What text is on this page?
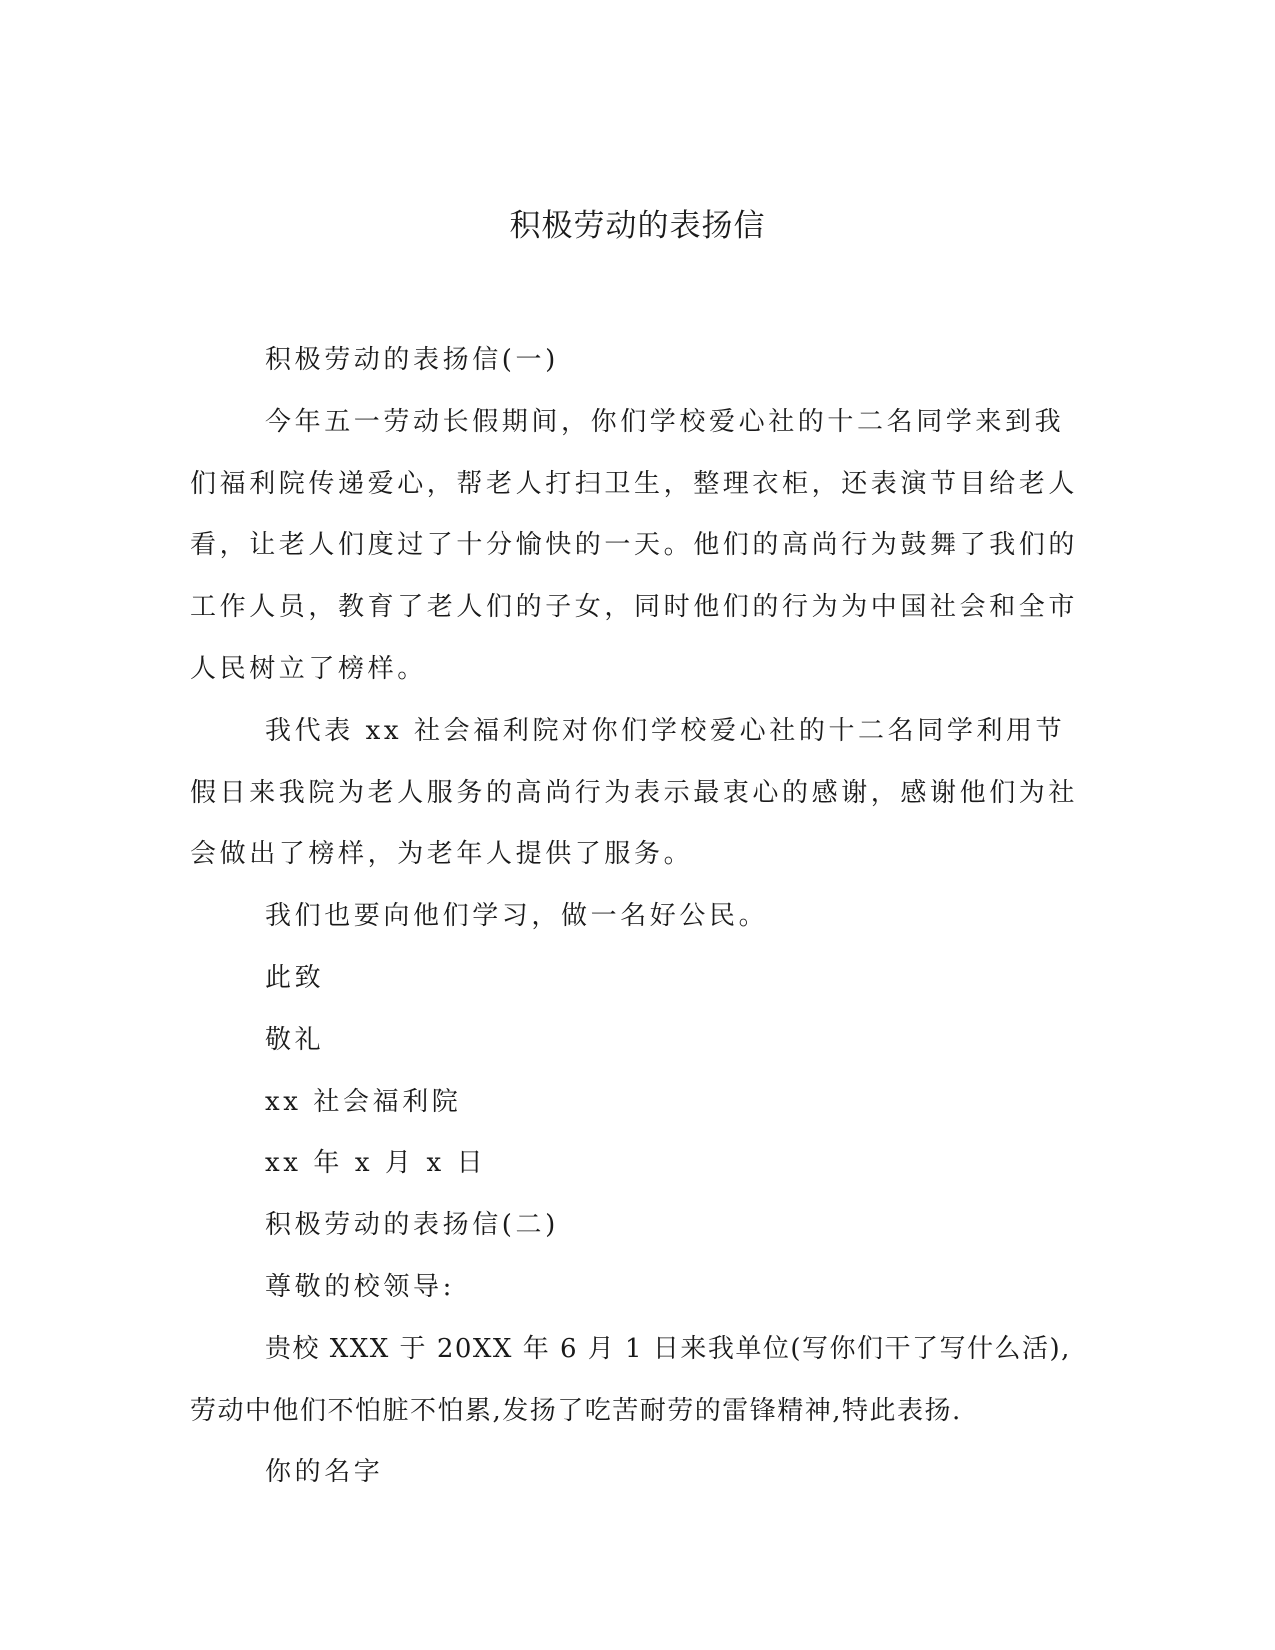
积极劳动的表扬信

积极劳动的表扬信(一)

今年五一劳动长假期间，你们学校爱心社的十二名同学来到我们福利院传递爱心，帮老人打扫卫生，整理衣柜，还表演节目给老人看，让老人们度过了十分愉快的一天。他们的高尚行为鼓舞了我们的工作人员，教育了老人们的子女，同时他们的行为为中国社会和全市人民树立了榜样。

我代表 xx 社会福利院对你们学校爱心社的十二名同学利用节假日来我院为老人服务的高尚行为表示最衷心的感谢，感谢他们为社会做出了榜样，为老年人提供了服务。

我们也要向他们学习，做一名好公民。

此致

敬礼

xx 社会福利院

xx 年 x 月 x 日

积极劳动的表扬信(二)

尊敬的校领导:

贵校 XXX 于 20XX 年 6 月 1 日来我单位(写你们干了写什么活),劳动中他们不怕脏不怕累,发扬了吃苦耐劳的雷锋精神,特此表扬.

你的名字
